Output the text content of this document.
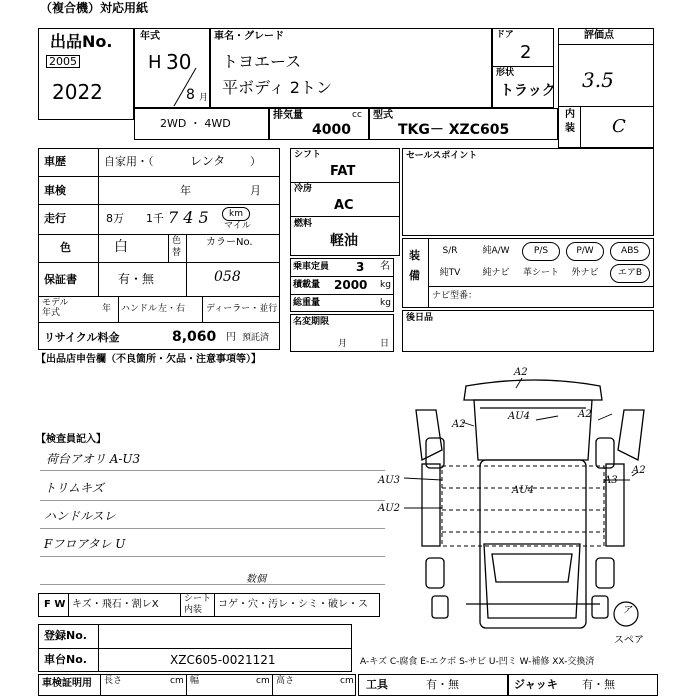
（複合機）対応用紙
出品No.
2005
2022
年式
H 30
8 月
車名・グレード
トヨエース
平ボディ 2トン
ドア
2
形状
トラック
評価点
3.5
内
装 C
2WD ・ 4WD
排気量	cc
4000
型式
TKG－ XZC605
車歴	自家用・（	レンタ ）
車検	年	月
走行	8万 1千 7 4 5	km
マイル
色	白	色
替
カラーNo.
保証書	有・無	058
モデル
年式	年 ハンドル 左・右 ディーラー・並行
リサイクル料金	8,060 円 預託済
シフト
FAT
冷房
AC
燃料
軽油
乗車定員 3 名
積載量 2000 kg
総重量	kg
名変期限
月	日
セールスポイント
装
備
S/R	純A/W	P/S	P/W	ABS
純TV	純ナビ	革シート	外ナビ	エアB
ナビ型番：
後日品
【出品店申告欄（不良箇所・欠品・注意事項等）】
【検査員記入】
荷台アオリ A-U3
トリムキズ
ハンドルスレ
Fフロアタレ U
F W キズ・飛石・割レX	シート
内装 コゲ・穴・汚レ・シミ・破レ・ス
数個
A2
A2
AU4	A2
A2
AU3
AU2
AU4
A3
ア
スペア
登録No.
車台No.	XZC605-0021121	A-キズ C-腐食 E-エクボ S-サビ U-凹ミ W-補修 XX-交換済
車検証明用 長さ	cm 幅	cm 高さ	cm 工具	有・無	ジャッキ 有・無
